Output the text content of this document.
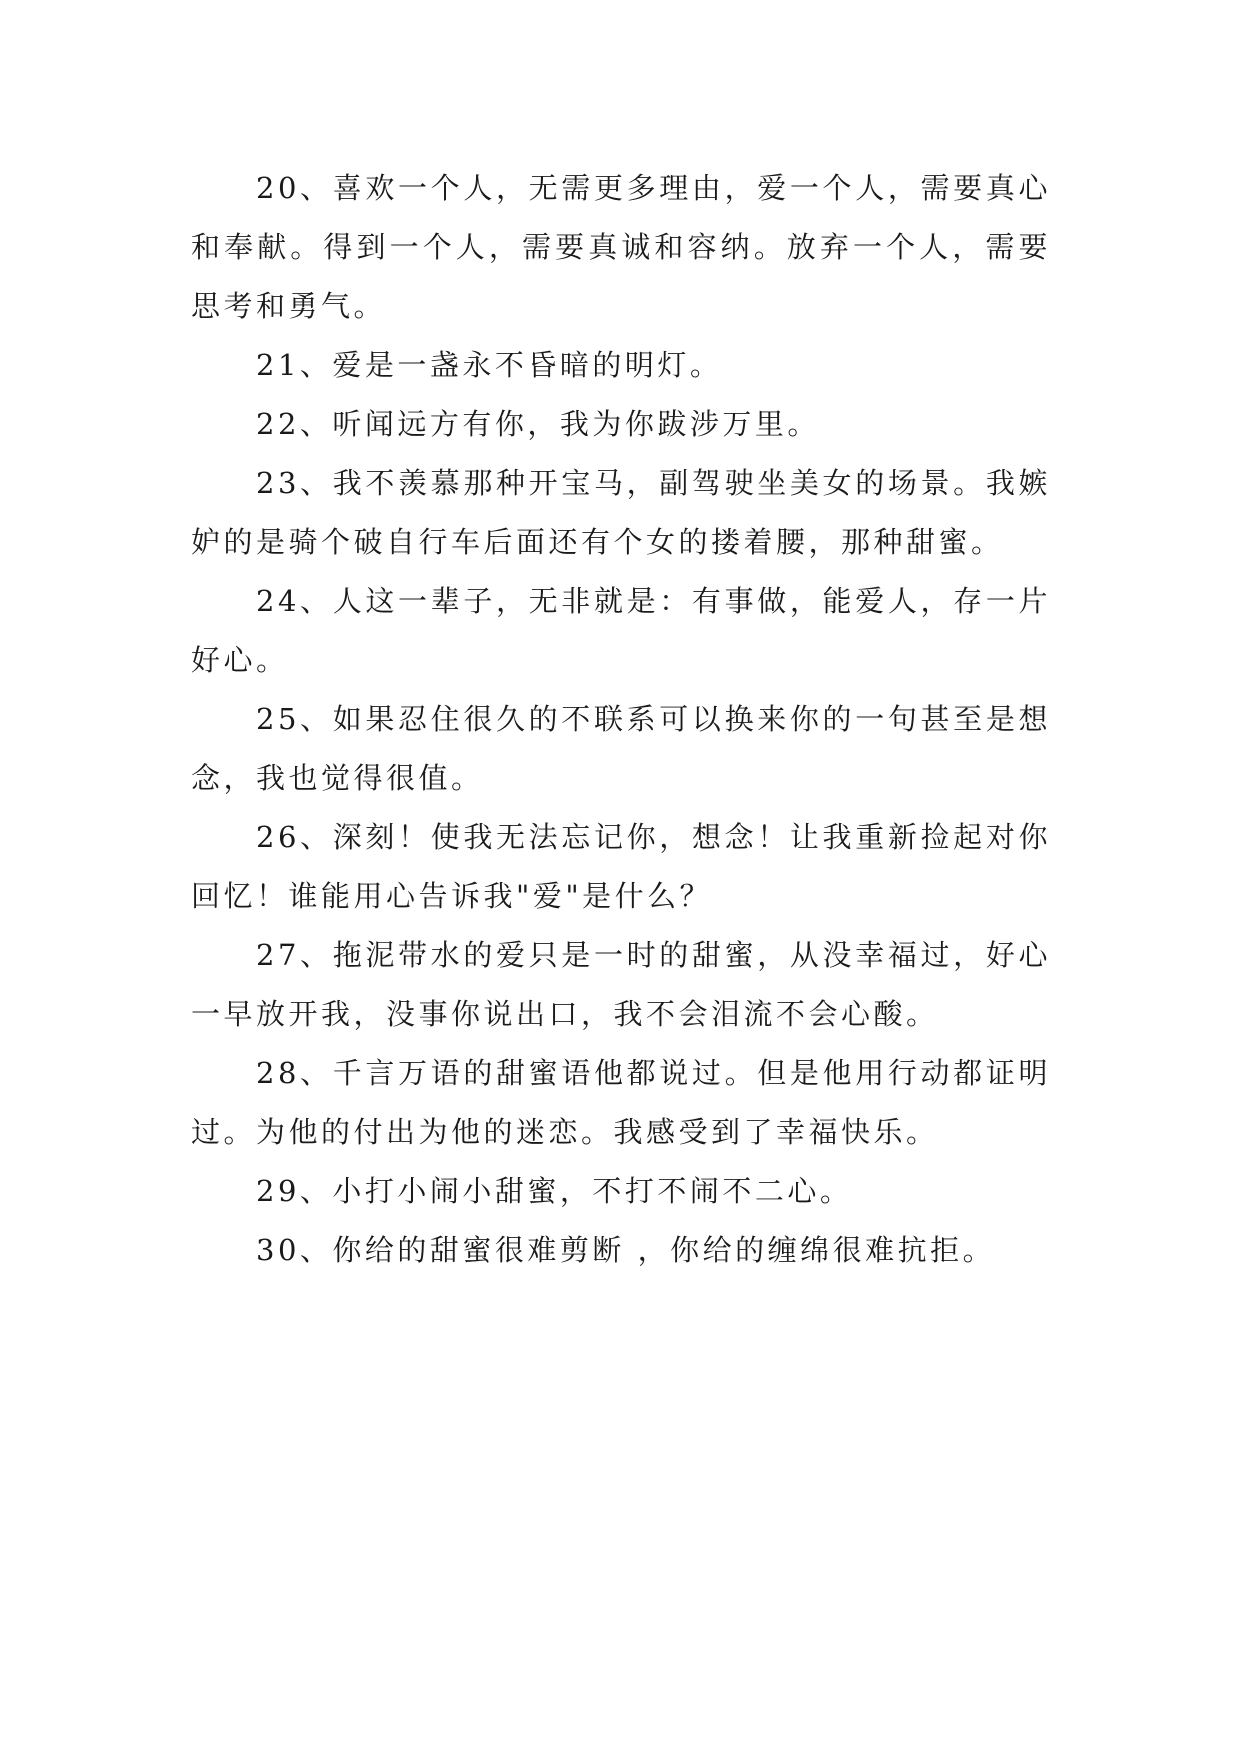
20、喜欢一个人，无需更多理由，爱一个人，需要真心和奉献。得到一个人，需要真诚和容纳。放弃一个人，需要思考和勇气。

21、爱是一盏永不昏暗的明灯。

22、听闻远方有你，我为你跋涉万里。

23、我不羡慕那种开宝马，副驾驶坐美女的场景。我嫉妒的是骑个破自行车后面还有个女的搂着腰，那种甜蜜。

24、人这一辈子，无非就是：有事做，能爱人，存一片好心。

25、如果忍住很久的不联系可以换来你的一句甚至是想念，我也觉得很值。

26、深刻！使我无法忘记你，想念！让我重新捡起对你回忆！谁能用心告诉我"爱"是什么？

27、拖泥带水的爱只是一时的甜蜜，从没幸福过，好心一早放开我，没事你说出口，我不会泪流不会心酸。

28、千言万语的甜蜜语他都说过。但是他用行动都证明过。为他的付出为他的迷恋。我感受到了幸福快乐。

29、小打小闹小甜蜜，不打不闹不二心。

30、你给的甜蜜很难剪断 ，你给的缠绵很难抗拒。
